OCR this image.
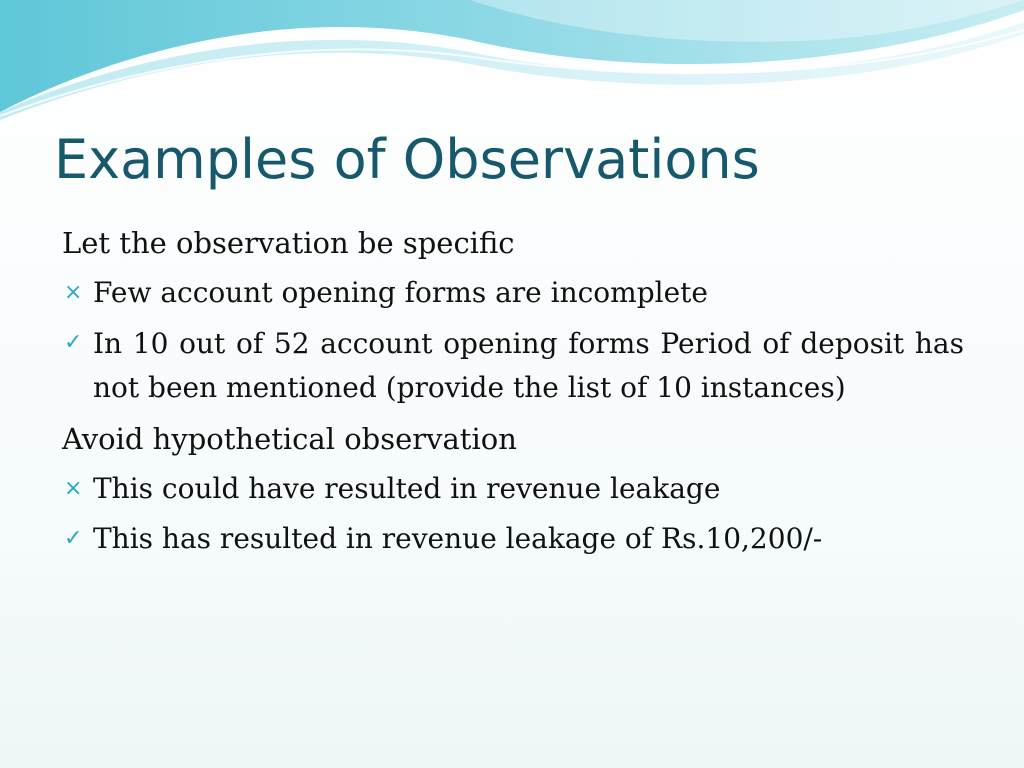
Examples of Observations

Let the observation be specific

× Few account opening forms are incomplete
✓ In 10 out of 52 account opening forms Period of deposit has not been mentioned (provide the list of 10 instances)

Avoid hypothetical observation

× This could have resulted in revenue leakage
✓ This has resulted in revenue leakage of Rs.10,200/-
